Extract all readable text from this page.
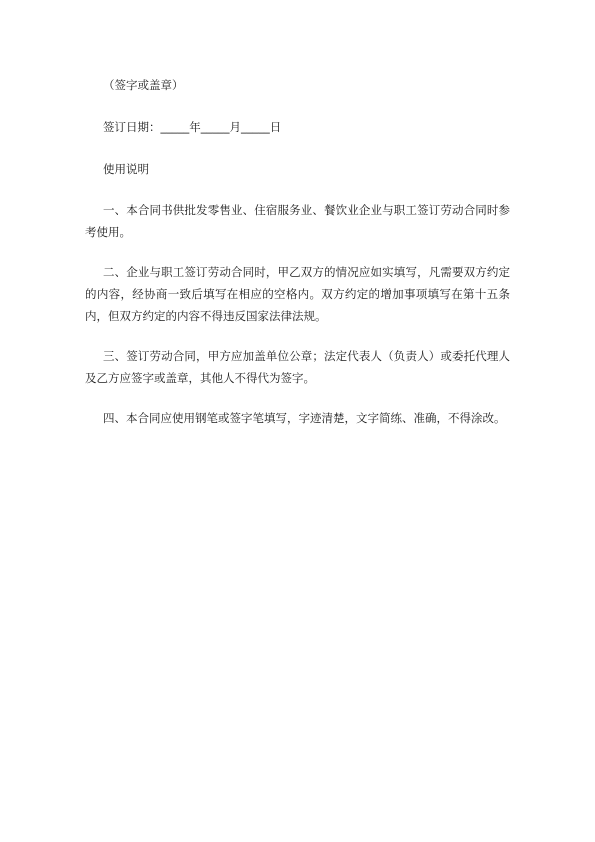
（签字或盖章）

签订日期：_____年_____月_____日

使用说明

一、本合同书供批发零售业、住宿服务业、餐饮业企业与职工签订劳动合同时参考使用。

二、企业与职工签订劳动合同时，甲乙双方的情况应如实填写，凡需要双方约定的内容，经协商一致后填写在相应的空格内。双方约定的增加事项填写在第十五条内，但双方约定的内容不得违反国家法律法规。

三、签订劳动合同，甲方应加盖单位公章；法定代表人（负责人）或委托代理人及乙方应签字或盖章，其他人不得代为签字。

四、本合同应使用钢笔或签字笔填写，字迹清楚，文字简练、准确，不得涂改。
